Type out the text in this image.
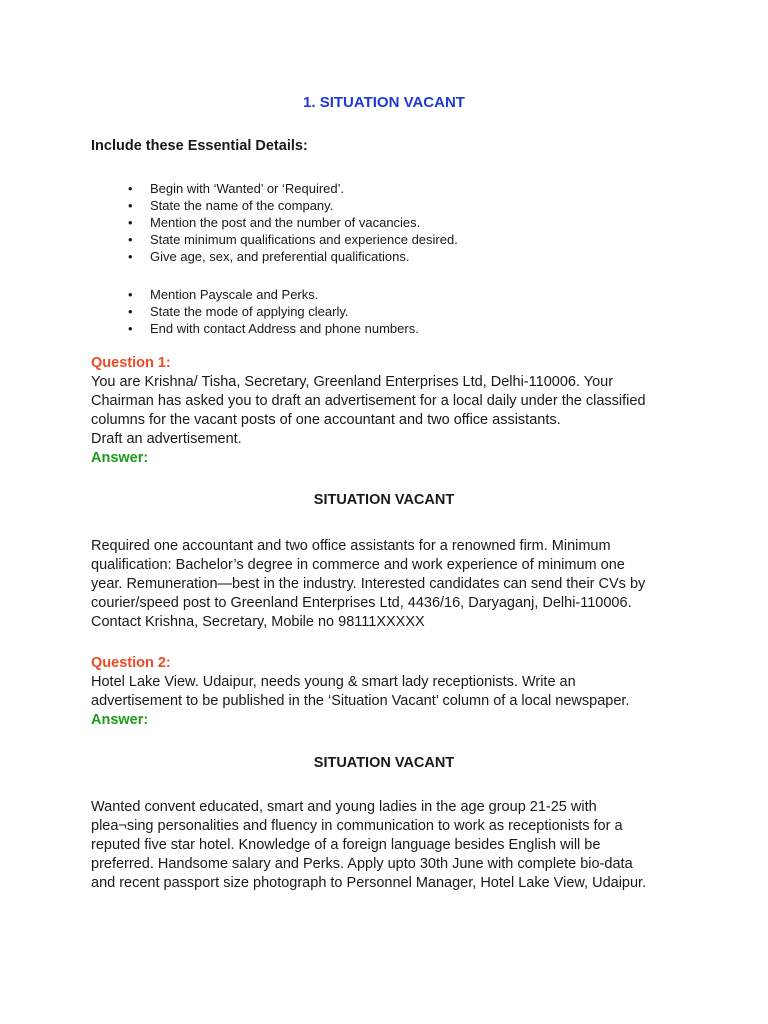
1. SITUATION VACANT
Include these Essential Details:
• Begin with ‘Wanted’ or ‘Required’.
• State the name of the company.
• Mention the post and the number of vacancies.
• State minimum qualifications and experience desired.
• Give age, sex, and preferential qualifications.
• Mention Payscale and Perks.
• State the mode of applying clearly.
• End with contact Address and phone numbers.
Question 1:
You are Krishna/ Tisha, Secretary, Greenland Enterprises Ltd, Delhi-110006. Your
Chairman has asked you to draft an advertisement for a local daily under the classified
columns for the vacant posts of one accountant and two office assistants.
Draft an advertisement.
Answer:
SITUATION VACANT
Required one accountant and two office assistants for a renowned firm. Minimum
qualification: Bachelor’s degree in commerce and work experience of minimum one
year. Remuneration—best in the industry. Interested candidates can send their CVs by
courier/speed post to Greenland Enterprises Ltd, 4436/16, Daryaganj, Delhi-110006.
Contact Krishna, Secretary, Mobile no 98111XXXXX
Question 2:
Hotel Lake View. Udaipur, needs young & smart lady receptionists. Write an
advertisement to be published in the ‘Situation Vacant’ column of a local newspaper.
Answer:
SITUATION VACANT
Wanted convent educated, smart and young ladies in the age group 21-25 with
plea¬sing personalities and fluency in communication to work as receptionists for a
reputed five star hotel. Knowledge of a foreign language besides English will be
preferred. Handsome salary and Perks. Apply upto 30th June with complete bio-data
and recent passport size photograph to Personnel Manager, Hotel Lake View, Udaipur.
